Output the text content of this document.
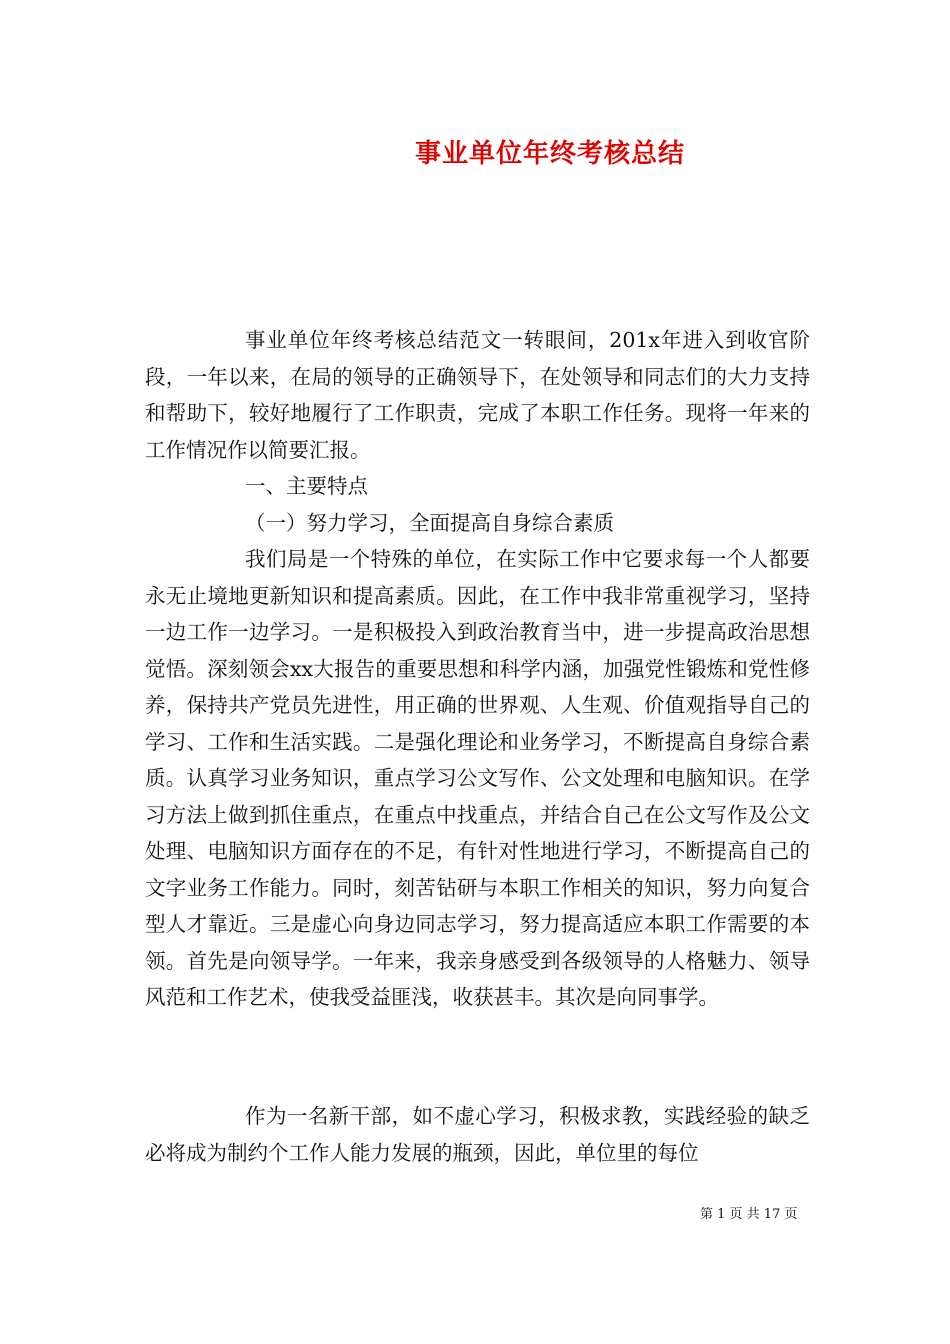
事业单位年终考核总结
事业单位年终考核总结范文一转眼间，201x年进入到收官阶段，一年以来，在局的领导的正确领导下，在处领导和同志们的大力支持和帮助下，较好地履行了工作职责，完成了本职工作任务。现将一年来的工作情况作以简要汇报。
一、主要特点
（一）努力学习，全面提高自身综合素质
我们局是一个特殊的单位，在实际工作中它要求每一个人都要永无止境地更新知识和提高素质。因此，在工作中我非常重视学习，坚持一边工作一边学习。一是积极投入到政治教育当中，进一步提高政治思想觉悟。深刻领会xx大报告的重要思想和科学内涵，加强党性锻炼和党性修养，保持共产党员先进性，用正确的世界观、人生观、价值观指导自己的学习、工作和生活实践。二是强化理论和业务学习，不断提高自身综合素质。认真学习业务知识，重点学习公文写作、公文处理和电脑知识。在学习方法上做到抓住重点，在重点中找重点，并结合自己在公文写作及公文处理、电脑知识方面存在的不足，有针对性地进行学习，不断提高自己的文字业务工作能力。同时，刻苦钻研与本职工作相关的知识，努力向复合型人才靠近。三是虚心向身边同志学习，努力提高适应本职工作需要的本领。首先是向领导学。一年来，我亲身感受到各级领导的人格魅力、领导风范和工作艺术，使我受益匪浅，收获甚丰。其次是向同事学。
作为一名新干部，如不虚心学习，积极求教，实践经验的缺乏必将成为制约个工作人能力发展的瓶颈，因此，单位里的每位
第 1 页 共 17 页
